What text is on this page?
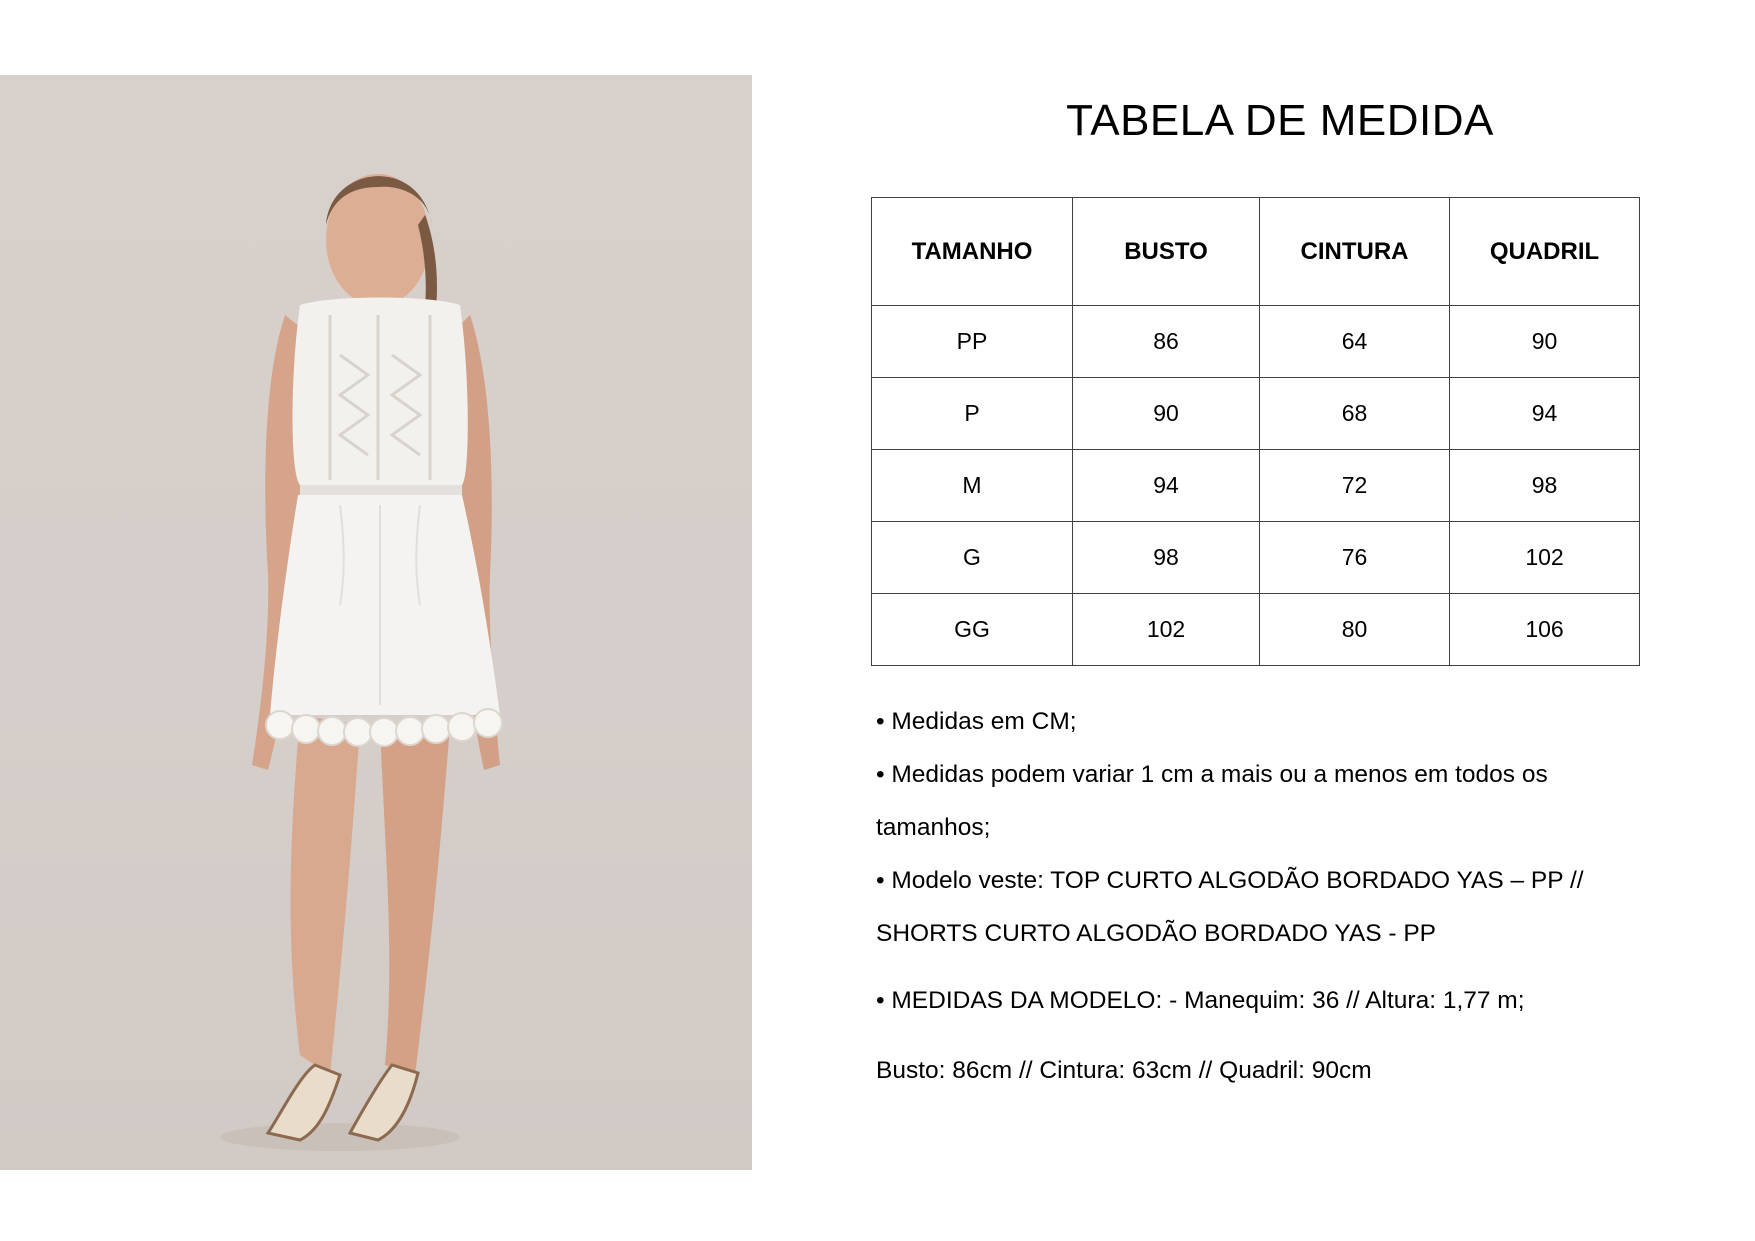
TABELA DE MEDIDA
TAMANHO	BUSTO	CINTURA	QUADRIL
PP	86	64	90
P	90	68	94
M	94	72	98
G	98	76	102
GG	102	80	106

• Medidas em CM;

• Medidas podem variar 1 cm a mais ou a menos em todos os

tamanhos;

• Modelo veste: TOP CURTO ALGODÃO BORDADO YAS – PP //

SHORTS CURTO ALGODÃO BORDADO YAS - PP

• MEDIDAS DA MODELO: - Manequim: 36 // Altura: 1,77 m;

Busto: 86cm // Cintura: 63cm // Quadril: 90cm
